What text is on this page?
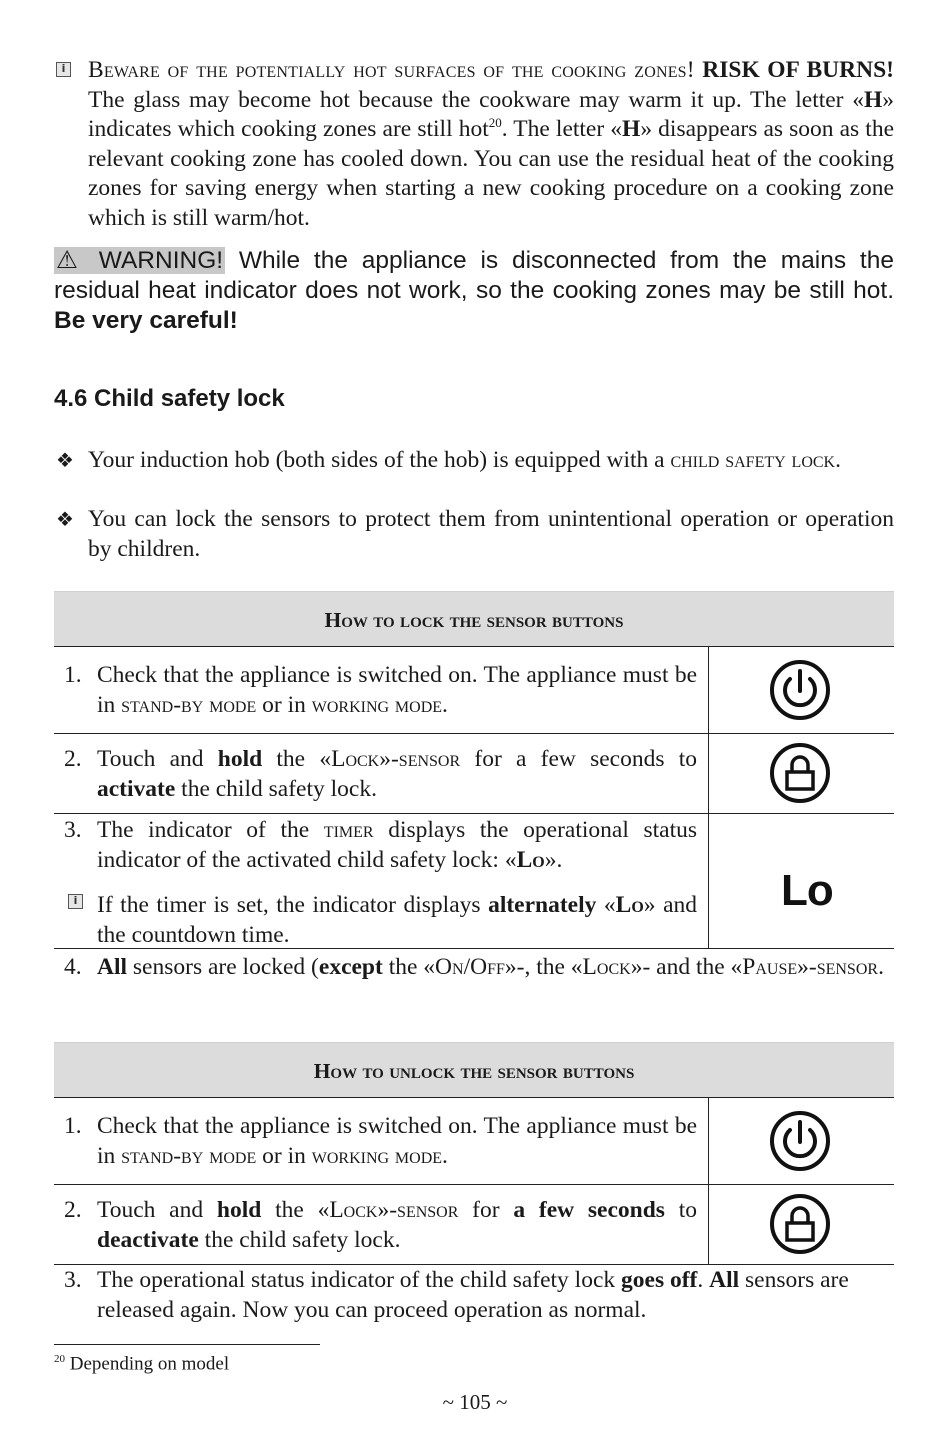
i Beware of the potentially hot surfaces of the cooking zones! RISK OF BURNS! The glass may become hot because the cookware may warm it up. The letter «H» indicates which cooking zones are still hot$^{20}$. The letter «H» disappears as soon as the relevant cooking zone has cooled down. You can use the residual heat of the cooking zones for saving energy when starting a new cooking procedure on a cooking zone which is still warm/hot.
⚠ WARNING! While the appliance is disconnected from the mains the residual heat indicator does not work, so the cooking zones may be still hot. Be very careful!
4.6 Child safety lock
❖ Your induction hob (both sides of the hob) is equipped with a child safety lock.
❖ You can lock the sensors to protect them from unintentional operation or operation by children.
How to lock the sensor buttons
1. Check that the appliance is switched on. The appliance must be in stand-by mode or in working mode.
2. Touch and hold the «Lock»-sensor for a few seconds to activate the child safety lock.
3. The indicator of the timer displays the operational status indicator of the activated child safety lock: «Lo».
i If the timer is set, the indicator displays alternately «Lo» and the countdown time.
Lo
4. All sensors are locked (except the «On/Off»-, the «Lock»- and the «Pause»-sensor.
How to unlock the sensor buttons
1. Check that the appliance is switched on. The appliance must be in stand-by mode or in working mode.
2. Touch and hold the «Lock»-sensor for a few seconds to deactivate the child safety lock.
3. The operational status indicator of the child safety lock goes off. All sensors are released again. Now you can proceed operation as normal.
$^{20}$ Depending on model
~ 105 ~
